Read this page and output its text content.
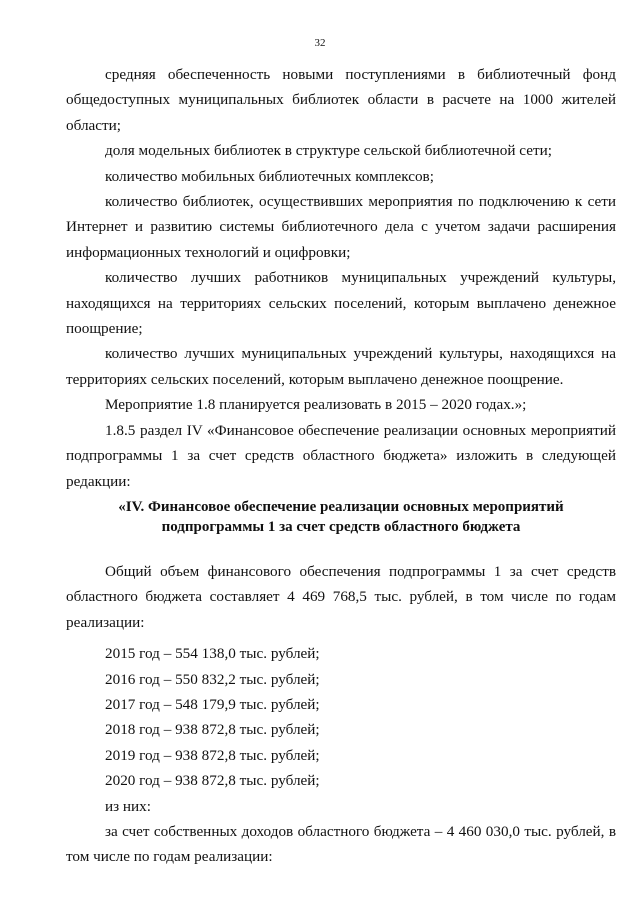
32

средняя обеспеченность новыми поступлениями в библиотечный фонд общедоступных муниципальных библиотек области в расчете на 1000 жителей области;

доля модельных библиотек в структуре сельской библиотечной сети;

количество мобильных библиотечных комплексов;

количество библиотек, осуществивших мероприятия по подключению к сети Интернет и развитию системы библиотечного дела с учетом задачи расширения информационных технологий и оцифровки;

количество лучших работников муниципальных учреждений культуры, находящихся на территориях сельских поселений, которым выплачено денежное поощрение;

количество лучших муниципальных учреждений культуры, находящихся на территориях сельских поселений, которым выплачено денежное поощрение.

Мероприятие 1.8 планируется реализовать в 2015 – 2020 годах.»;

1.8.5 раздел IV «Финансовое обеспечение реализации основных мероприятий подпрограммы 1 за счет средств областного бюджета» изложить в следующей редакции:

«IV. Финансовое обеспечение реализации основных мероприятий подпрограммы 1 за счет средств областного бюджета

Общий объем финансового обеспечения подпрограммы 1 за счет средств областного бюджета составляет 4 469 768,5 тыс. рублей, в том числе по годам реализации:

2015 год – 554 138,0 тыс. рублей;

2016 год – 550 832,2 тыс. рублей;

2017 год – 548 179,9 тыс. рублей;

2018 год – 938 872,8 тыс. рублей;

2019 год – 938 872,8 тыс. рублей;

2020 год – 938 872,8 тыс. рублей;

из них:

за счет собственных доходов областного бюджета – 4 460 030,0 тыс. рублей, в том числе по годам реализации:
